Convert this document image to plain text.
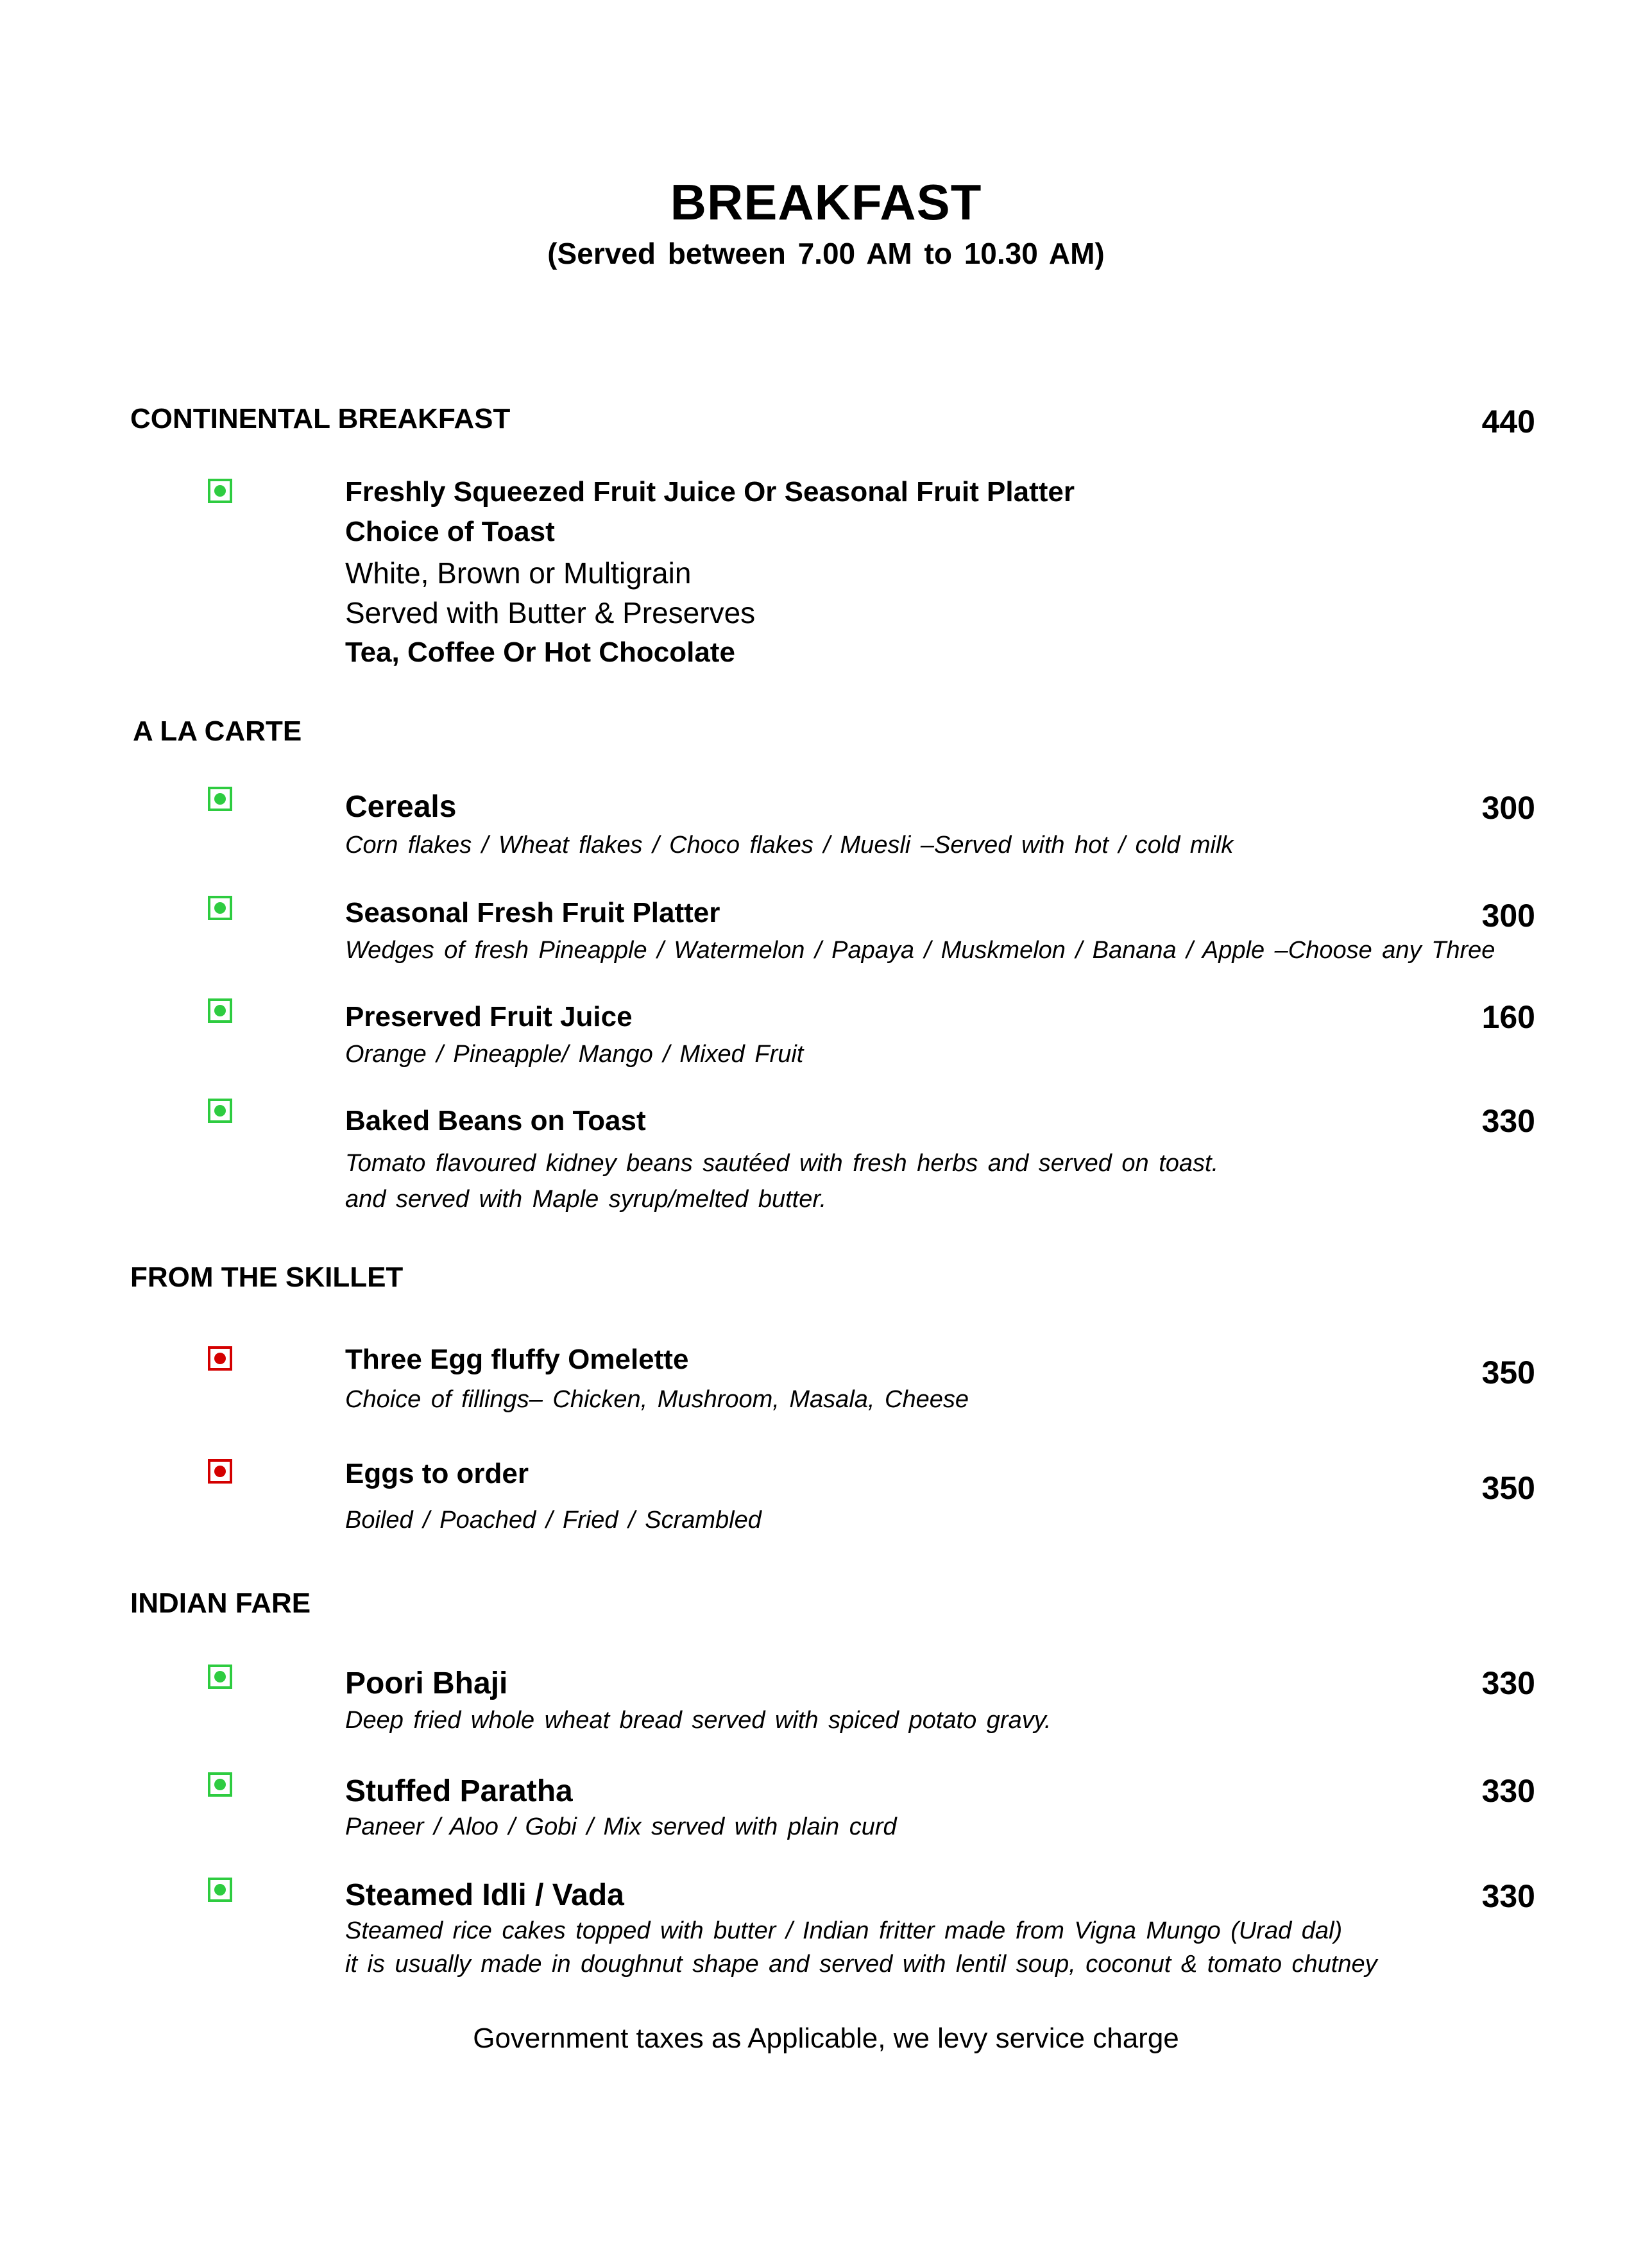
BREAKFAST
(Served between 7.00 AM to 10.30 AM)
CONTINENTAL BREAKFAST	440
Freshly Squeezed Fruit Juice Or Seasonal Fruit Platter
Choice of Toast
White, Brown or Multigrain
Served with Butter & Preserves
Tea, Coffee Or Hot Chocolate
A LA CARTE
Cereals	300
Corn flakes / Wheat flakes / Choco flakes / Muesli –Served with hot / cold milk
Seasonal Fresh Fruit Platter	300
Wedges of fresh Pineapple / Watermelon / Papaya / Muskmelon / Banana / Apple –Choose any Three
Preserved Fruit Juice	160
Orange / Pineapple/ Mango / Mixed Fruit
Baked Beans on Toast	330
Tomato flavoured kidney beans sautéed with fresh herbs and served on toast.
and served with Maple syrup/melted butter.
FROM THE SKILLET
Three Egg fluffy Omelette	350
Choice of fillings– Chicken, Mushroom, Masala, Cheese
Eggs to order	350
Boiled / Poached / Fried / Scrambled
INDIAN FARE
Poori Bhaji	330
Deep fried whole wheat bread served with spiced potato gravy.
Stuffed Paratha	330
Paneer / Aloo / Gobi / Mix served with plain curd
Steamed Idli / Vada	330
Steamed rice cakes topped with butter / Indian fritter made from Vigna Mungo (Urad dal)
it is usually made in doughnut shape and served with lentil soup, coconut & tomato chutney
Government taxes as Applicable, we levy service charge
